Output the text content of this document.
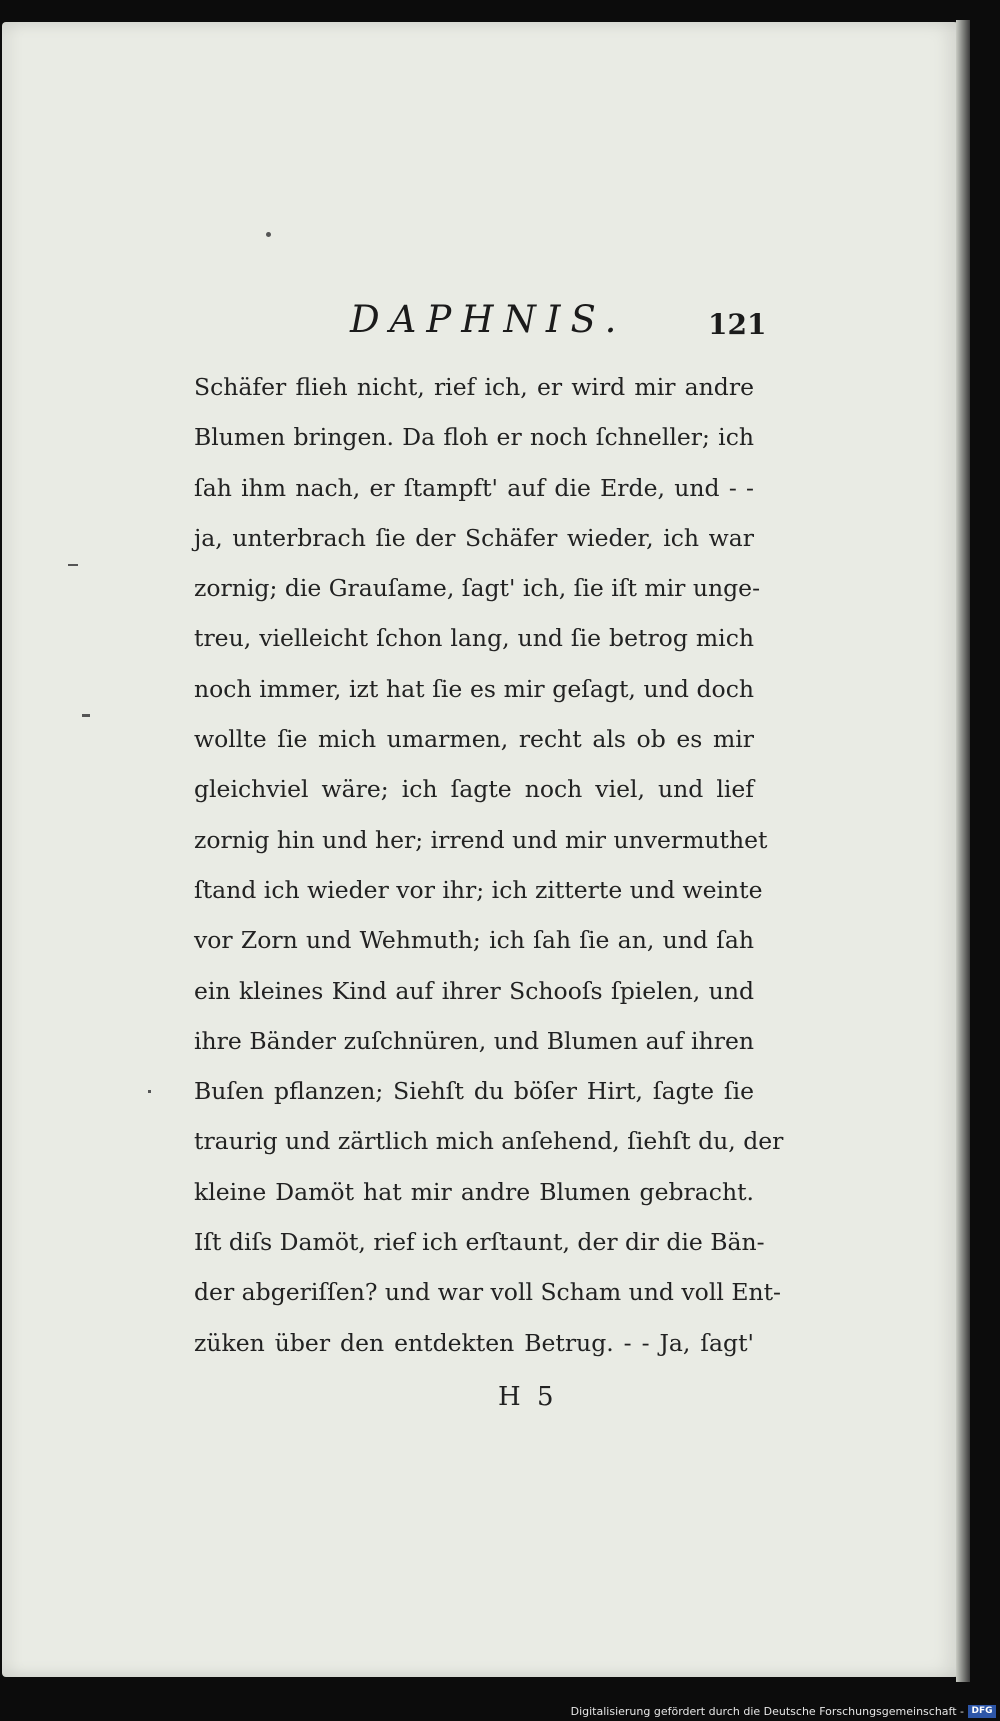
DAPHNIS.	121
Schäfer flieh nicht, rief ich, er wird mir andre
Blumen bringen. Da floh er noch ſchneller; ich
ſah ihm nach, er ſtampft' auf die Erde, und - -
ja, unterbrach ſie der Schäfer wieder, ich war
zornig; die Grauſame, ſagt' ich, ſie iſt mir unge-
treu, vielleicht ſchon lang, und ſie betrog mich
noch immer, izt hat ſie es mir geſagt, und doch
wollte ſie mich umarmen, recht als ob es mir
gleichviel wäre; ich ſagte noch viel, und lief
zornig hin und her; irrend und mir unvermuthet
ſtand ich wieder vor ihr; ich zitterte und weinte
vor Zorn und Wehmuth; ich ſah ſie an, und ſah
ein kleines Kind auf ihrer Schooſs ſpielen, und
ihre Bänder zuſchnüren, und Blumen auf ihren
Buſen pflanzen; Siehſt du böſer Hirt, ſagte ſie
traurig und zärtlich mich anſehend, ſiehſt du, der
kleine Damöt hat mir andre Blumen gebracht.
Iſt diſs Damöt, rief ich erſtaunt, der dir die Bän-
der abgeriſſen? und war voll Scham und voll Ent-
züken über den entdekten Betrug. - - Ja, ſagt'
H 5
Digitalisierung gefördert durch die Deutsche Forschungsgemeinschaft - DFG
